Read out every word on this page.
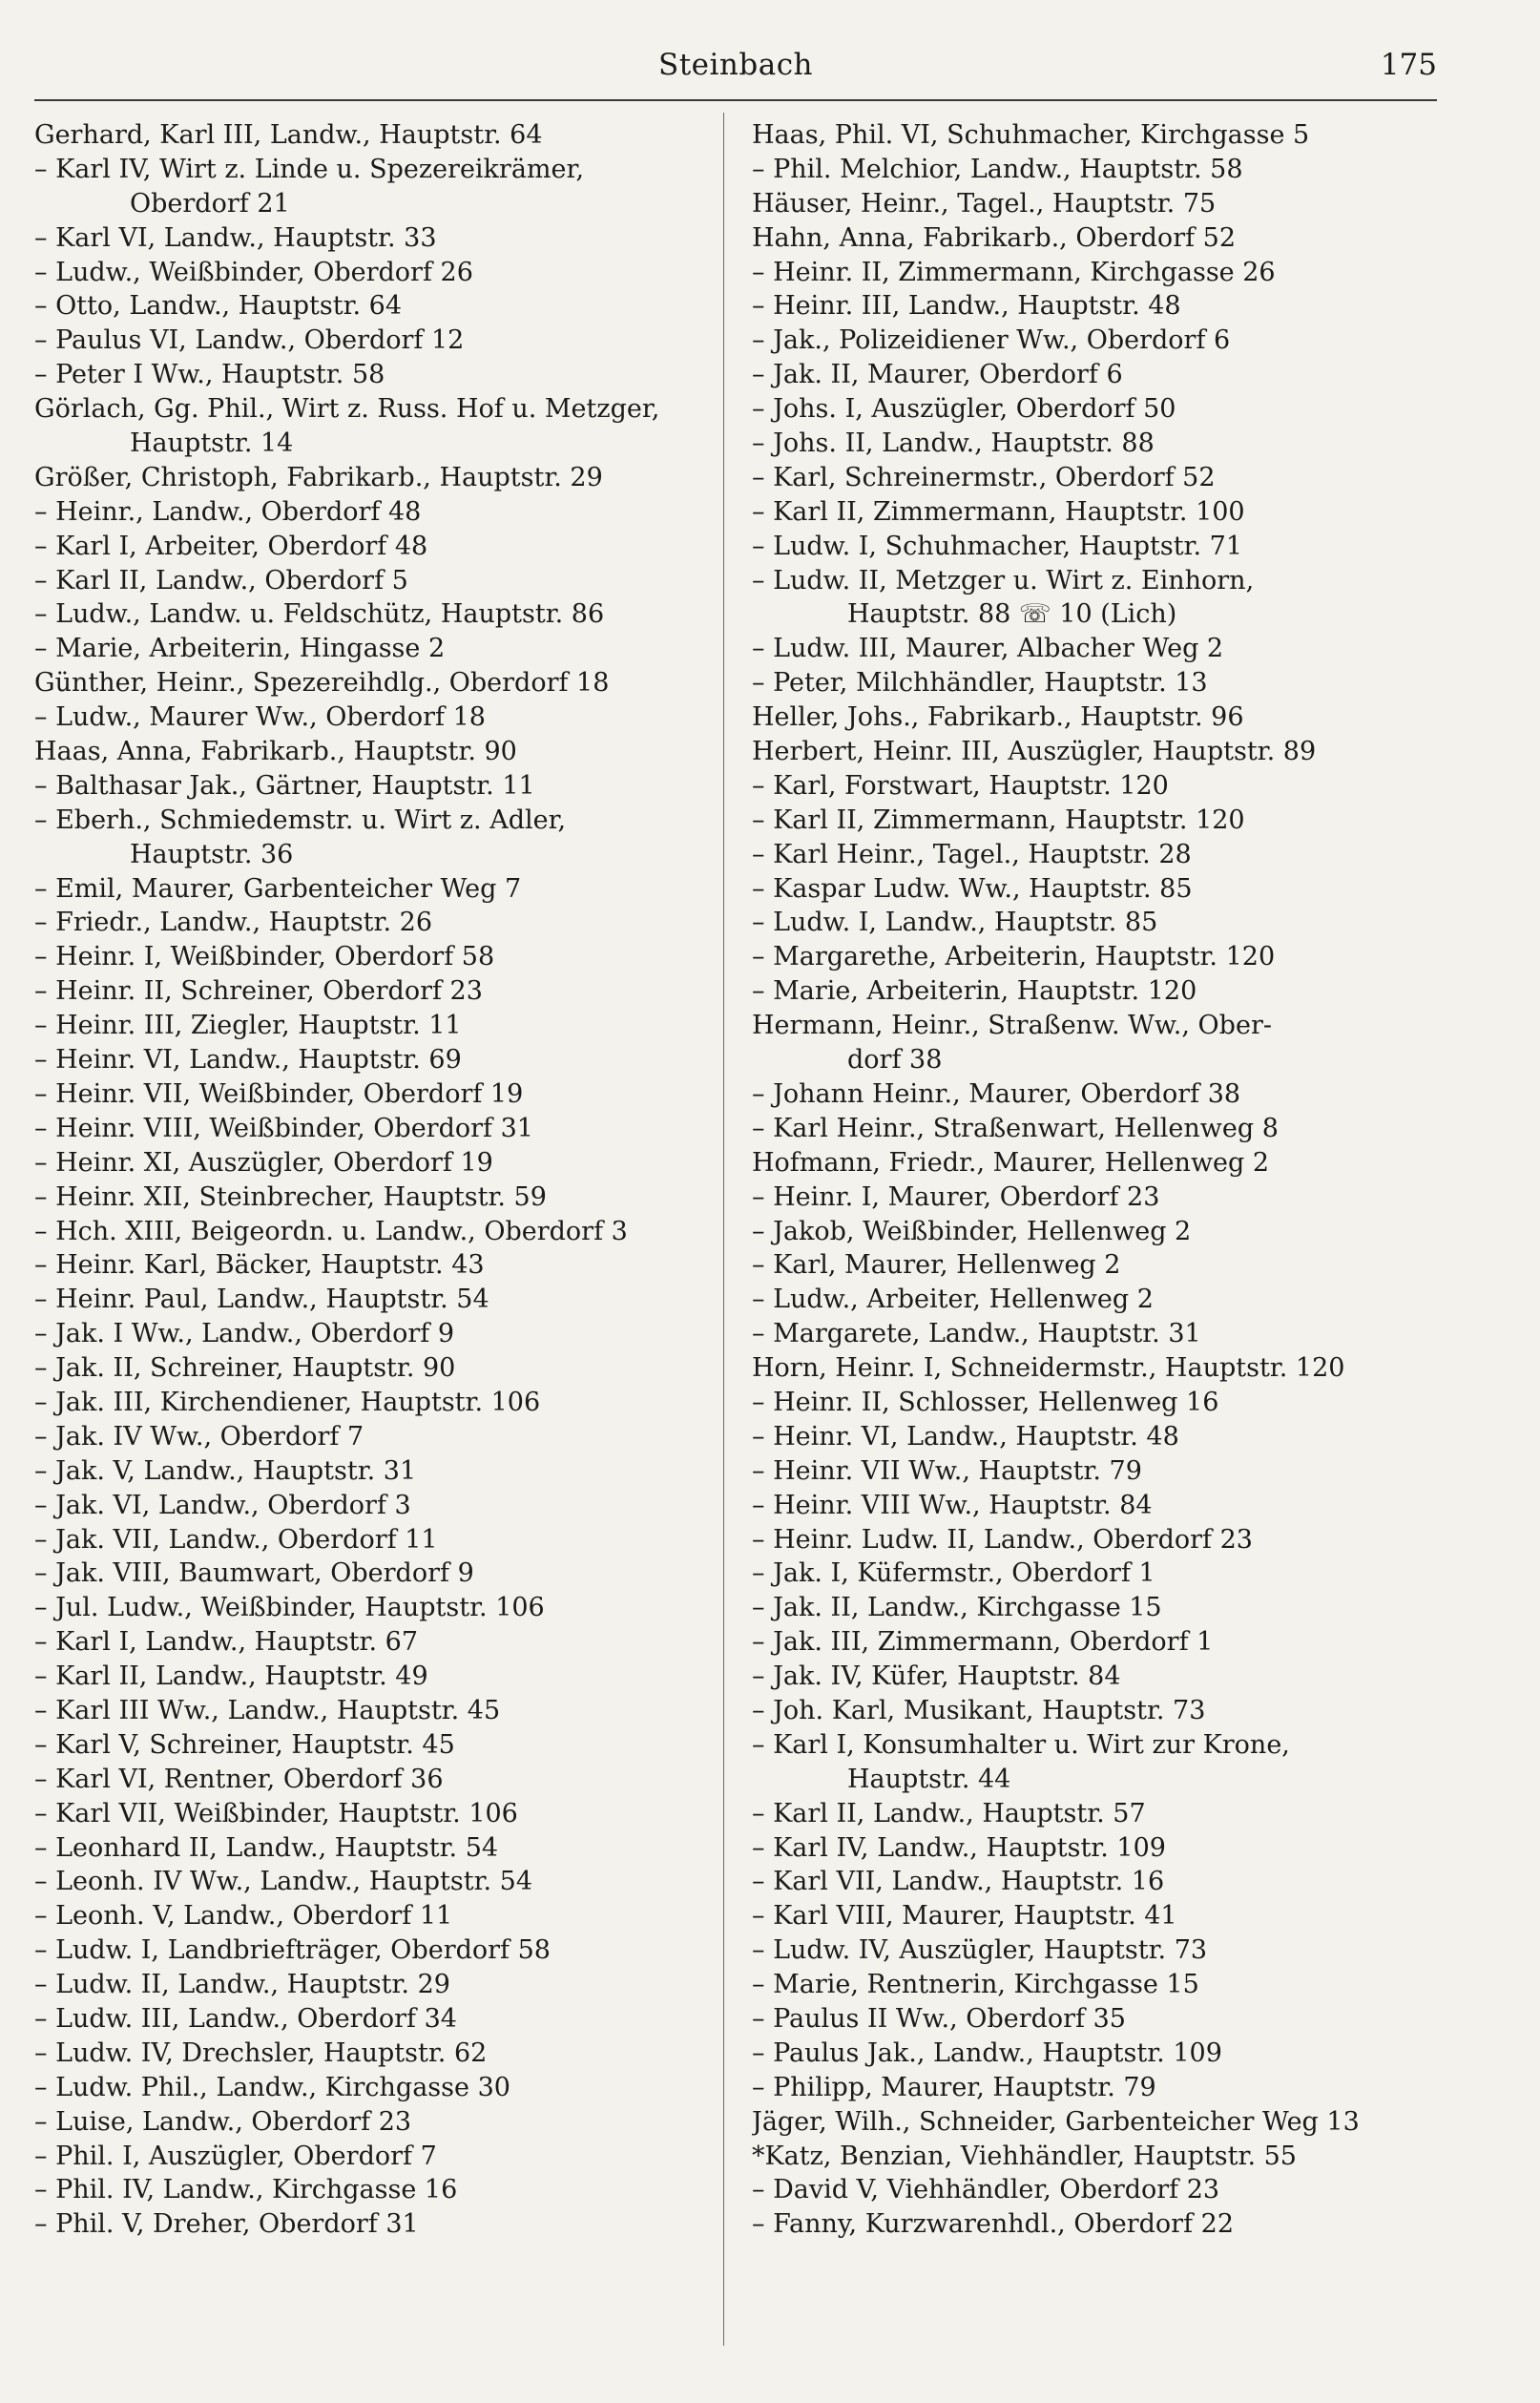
Steinbach	175
Gerhard, Karl III, Landw., Hauptstr. 64
– Karl IV, Wirt z. Linde u. Spezereikrämer,
Oberdorf 21
– Karl VI, Landw., Hauptstr. 33
– Ludw., Weißbinder, Oberdorf 26
– Otto, Landw., Hauptstr. 64
– Paulus VI, Landw., Oberdorf 12
– Peter I Ww., Hauptstr. 58
Görlach, Gg. Phil., Wirt z. Russ. Hof u. Metzger,
Hauptstr. 14
Größer, Christoph, Fabrikarb., Hauptstr. 29
– Heinr., Landw., Oberdorf 48
– Karl I, Arbeiter, Oberdorf 48
– Karl II, Landw., Oberdorf 5
– Ludw., Landw. u. Feldschütz, Hauptstr. 86
– Marie, Arbeiterin, Hingasse 2
Günther, Heinr., Spezereihdlg., Oberdorf 18
– Ludw., Maurer Ww., Oberdorf 18
Haas, Anna, Fabrikarb., Hauptstr. 90
– Balthasar Jak., Gärtner, Hauptstr. 11
– Eberh., Schmiedemstr. u. Wirt z. Adler,
Hauptstr. 36
– Emil, Maurer, Garbenteicher Weg 7
– Friedr., Landw., Hauptstr. 26
– Heinr. I, Weißbinder, Oberdorf 58
– Heinr. II, Schreiner, Oberdorf 23
– Heinr. III, Ziegler, Hauptstr. 11
– Heinr. VI, Landw., Hauptstr. 69
– Heinr. VII, Weißbinder, Oberdorf 19
– Heinr. VIII, Weißbinder, Oberdorf 31
– Heinr. XI, Auszügler, Oberdorf 19
– Heinr. XII, Steinbrecher, Hauptstr. 59
– Hch. XIII, Beigeordn. u. Landw., Oberdorf 3
– Heinr. Karl, Bäcker, Hauptstr. 43
– Heinr. Paul, Landw., Hauptstr. 54
– Jak. I Ww., Landw., Oberdorf 9
– Jak. II, Schreiner, Hauptstr. 90
– Jak. III, Kirchendiener, Hauptstr. 106
– Jak. IV Ww., Oberdorf 7
– Jak. V, Landw., Hauptstr. 31
– Jak. VI, Landw., Oberdorf 3
– Jak. VII, Landw., Oberdorf 11
– Jak. VIII, Baumwart, Oberdorf 9
– Jul. Ludw., Weißbinder, Hauptstr. 106
– Karl I, Landw., Hauptstr. 67
– Karl II, Landw., Hauptstr. 49
– Karl III Ww., Landw., Hauptstr. 45
– Karl V, Schreiner, Hauptstr. 45
– Karl VI, Rentner, Oberdorf 36
– Karl VII, Weißbinder, Hauptstr. 106
– Leonhard II, Landw., Hauptstr. 54
– Leonh. IV Ww., Landw., Hauptstr. 54
– Leonh. V, Landw., Oberdorf 11
– Ludw. I, Landbriefträger, Oberdorf 58
– Ludw. II, Landw., Hauptstr. 29
– Ludw. III, Landw., Oberdorf 34
– Ludw. IV, Drechsler, Hauptstr. 62
– Ludw. Phil., Landw., Kirchgasse 30
– Luise, Landw., Oberdorf 23
– Phil. I, Auszügler, Oberdorf 7
– Phil. IV, Landw., Kirchgasse 16
– Phil. V, Dreher, Oberdorf 31
Haas, Phil. VI, Schuhmacher, Kirchgasse 5
– Phil. Melchior, Landw., Hauptstr. 58
Häuser, Heinr., Tagel., Hauptstr. 75
Hahn, Anna, Fabrikarb., Oberdorf 52
– Heinr. II, Zimmermann, Kirchgasse 26
– Heinr. III, Landw., Hauptstr. 48
– Jak., Polizeidiener Ww., Oberdorf 6
– Jak. II, Maurer, Oberdorf 6
– Johs. I, Auszügler, Oberdorf 50
– Johs. II, Landw., Hauptstr. 88
– Karl, Schreinermstr., Oberdorf 52
– Karl II, Zimmermann, Hauptstr. 100
– Ludw. I, Schuhmacher, Hauptstr. 71
– Ludw. II, Metzger u. Wirt z. Einhorn,
Hauptstr. 88 ☏ 10 (Lich)
– Ludw. III, Maurer, Albacher Weg 2
– Peter, Milchhändler, Hauptstr. 13
Heller, Johs., Fabrikarb., Hauptstr. 96
Herbert, Heinr. III, Auszügler, Hauptstr. 89
– Karl, Forstwart, Hauptstr. 120
– Karl II, Zimmermann, Hauptstr. 120
– Karl Heinr., Tagel., Hauptstr. 28
– Kaspar Ludw. Ww., Hauptstr. 85
– Ludw. I, Landw., Hauptstr. 85
– Margarethe, Arbeiterin, Hauptstr. 120
– Marie, Arbeiterin, Hauptstr. 120
Hermann, Heinr., Straßenw. Ww., Ober-
dorf 38
– Johann Heinr., Maurer, Oberdorf 38
– Karl Heinr., Straßenwart, Hellenweg 8
Hofmann, Friedr., Maurer, Hellenweg 2
– Heinr. I, Maurer, Oberdorf 23
– Jakob, Weißbinder, Hellenweg 2
– Karl, Maurer, Hellenweg 2
– Ludw., Arbeiter, Hellenweg 2
– Margarete, Landw., Hauptstr. 31
Horn, Heinr. I, Schneidermstr., Hauptstr. 120
– Heinr. II, Schlosser, Hellenweg 16
– Heinr. VI, Landw., Hauptstr. 48
– Heinr. VII Ww., Hauptstr. 79
– Heinr. VIII Ww., Hauptstr. 84
– Heinr. Ludw. II, Landw., Oberdorf 23
– Jak. I, Küfermstr., Oberdorf 1
– Jak. II, Landw., Kirchgasse 15
– Jak. III, Zimmermann, Oberdorf 1
– Jak. IV, Küfer, Hauptstr. 84
– Joh. Karl, Musikant, Hauptstr. 73
– Karl I, Konsumhalter u. Wirt zur Krone,
Hauptstr. 44
– Karl II, Landw., Hauptstr. 57
– Karl IV, Landw., Hauptstr. 109
– Karl VII, Landw., Hauptstr. 16
– Karl VIII, Maurer, Hauptstr. 41
– Ludw. IV, Auszügler, Hauptstr. 73
– Marie, Rentnerin, Kirchgasse 15
– Paulus II Ww., Oberdorf 35
– Paulus Jak., Landw., Hauptstr. 109
– Philipp, Maurer, Hauptstr. 79
Jäger, Wilh., Schneider, Garbenteicher Weg 13
*Katz, Benzian, Viehhändler, Hauptstr. 55
– David V, Viehhändler, Oberdorf 23
– Fanny, Kurzwarenhdl., Oberdorf 22
